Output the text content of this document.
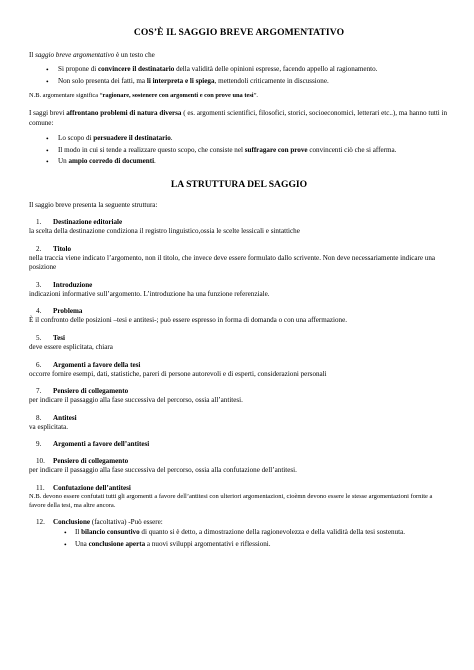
COS’È IL SAGGIO BREVE ARGOMENTATIVO

Il saggio breve argomentativo è un testo che

• Si propone di convincere il destinatario della validità delle opinioni espresse, facendo appello al ragionamento.
• Non solo presenta dei fatti, ma li interpreta e li spiega, mettendoli criticamente in discussione.

N.B. argomentare significa “ragionare, sostenere con argomenti e con prove una tesi”.

I saggi brevi affrontano problemi di natura diversa ( es. argomenti scientifici, filosofici, storici, socioeconomici, letterari etc..), ma hanno tutti in comune:

• Lo scopo di persuadere il destinatario.
• Il modo in cui si tende a realizzare questo scopo, che consiste nel suffragare con prove convincenti ciò che si afferma.
• Un ampio corredo di documenti.
LA STRUTTURA DEL SAGGIO

Il saggio breve presenta la seguente struttura:

1. Destinazione editoriale
la scelta della destinazione condiziona il registro linguistico,ossia le scelte lessicali e sintattiche
2. Titolo
nella traccia viene indicato l’argomento, non il titolo, che invece deve essere formulato dallo scrivente. Non deve necessariamente indicare una posizione
3. Introduzione
indicazioni informative sull’argomento. L’introduzione ha una funzione referenziale.
4. Problema
È il confronto delle posizioni –tesi e antitesi-; può essere espresso in forma di domanda o con una affermazione.
5. Tesi
deve essere esplicitata, chiara
6. Argomenti a favore della tesi
occorre fornire esempi, dati, statistiche, pareri di persone autorevoli e di esperti, considerazioni personali
7. Pensiero di collegamento
per indicare il passaggio alla fase successiva del percorso, ossia all’antitesi.
8. Antitesi
va esplicitata.
9. Argomenti a favore dell’antitesi
10. Pensiero di collegamento
per indicare il passaggio alla fase successiva del percorso, ossia alla confutazione dell’antitesi.
11. Confutazione dell’antitesi
N.B. devono essere confutati tutti gli argomenti a favore dell’antitesi con ulteriori argomentazioni, cioèmn devono essere le stesse argomentazioni fornite a favore della tesi, ma altre ancora.
12. Conclusione (facoltativa) -Può essere:
• Il bilancio consuntivo di quanto si è detto, a dimostrazione della ragionevolezza e della validità della tesi sostenuta.
• Una conclusione aperta a nuovi sviluppi argomentativi e riflessioni.
